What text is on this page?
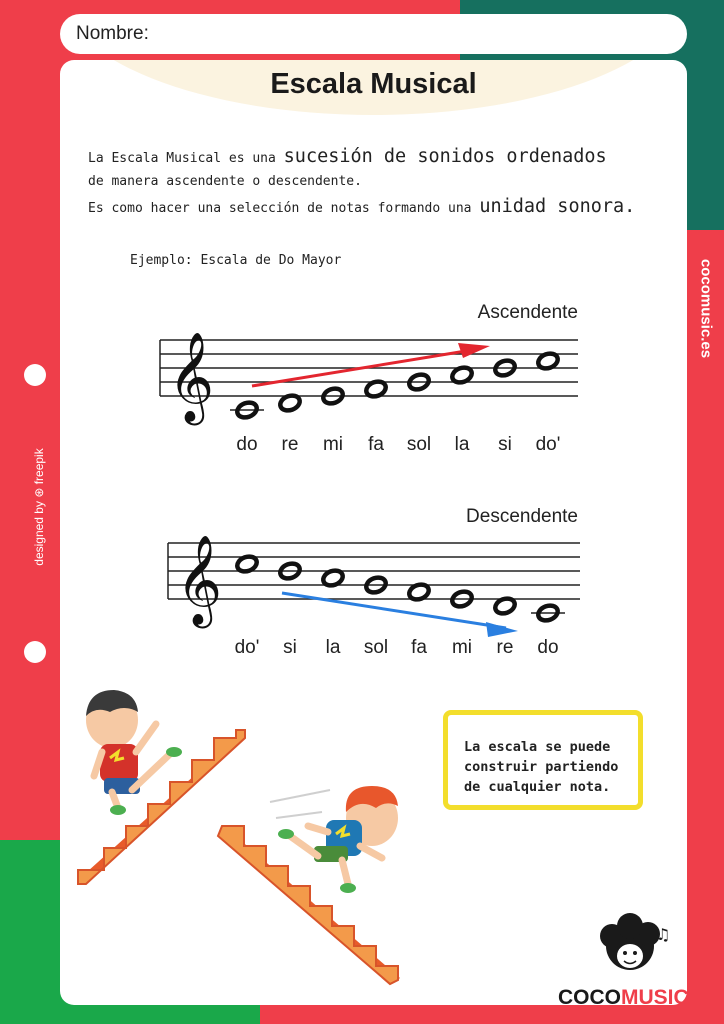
Nombre:
designed by ⊛ freepik
cocomusic.es
Escala Musical
La Escala Musical es una sucesión de sonidos ordenados
de manera ascendente o descendente.
Es como hacer una selección de notas formando una unidad sonora.
Ejemplo: Escala de Do Mayor
La escala se puede
construir partiendo
de cualquier nota.
𝄞
Ascendente
do re mi fa sol la si do'
𝄞
Descendente
do' si la sol fa mi re do
♫
COCOMUSIC
